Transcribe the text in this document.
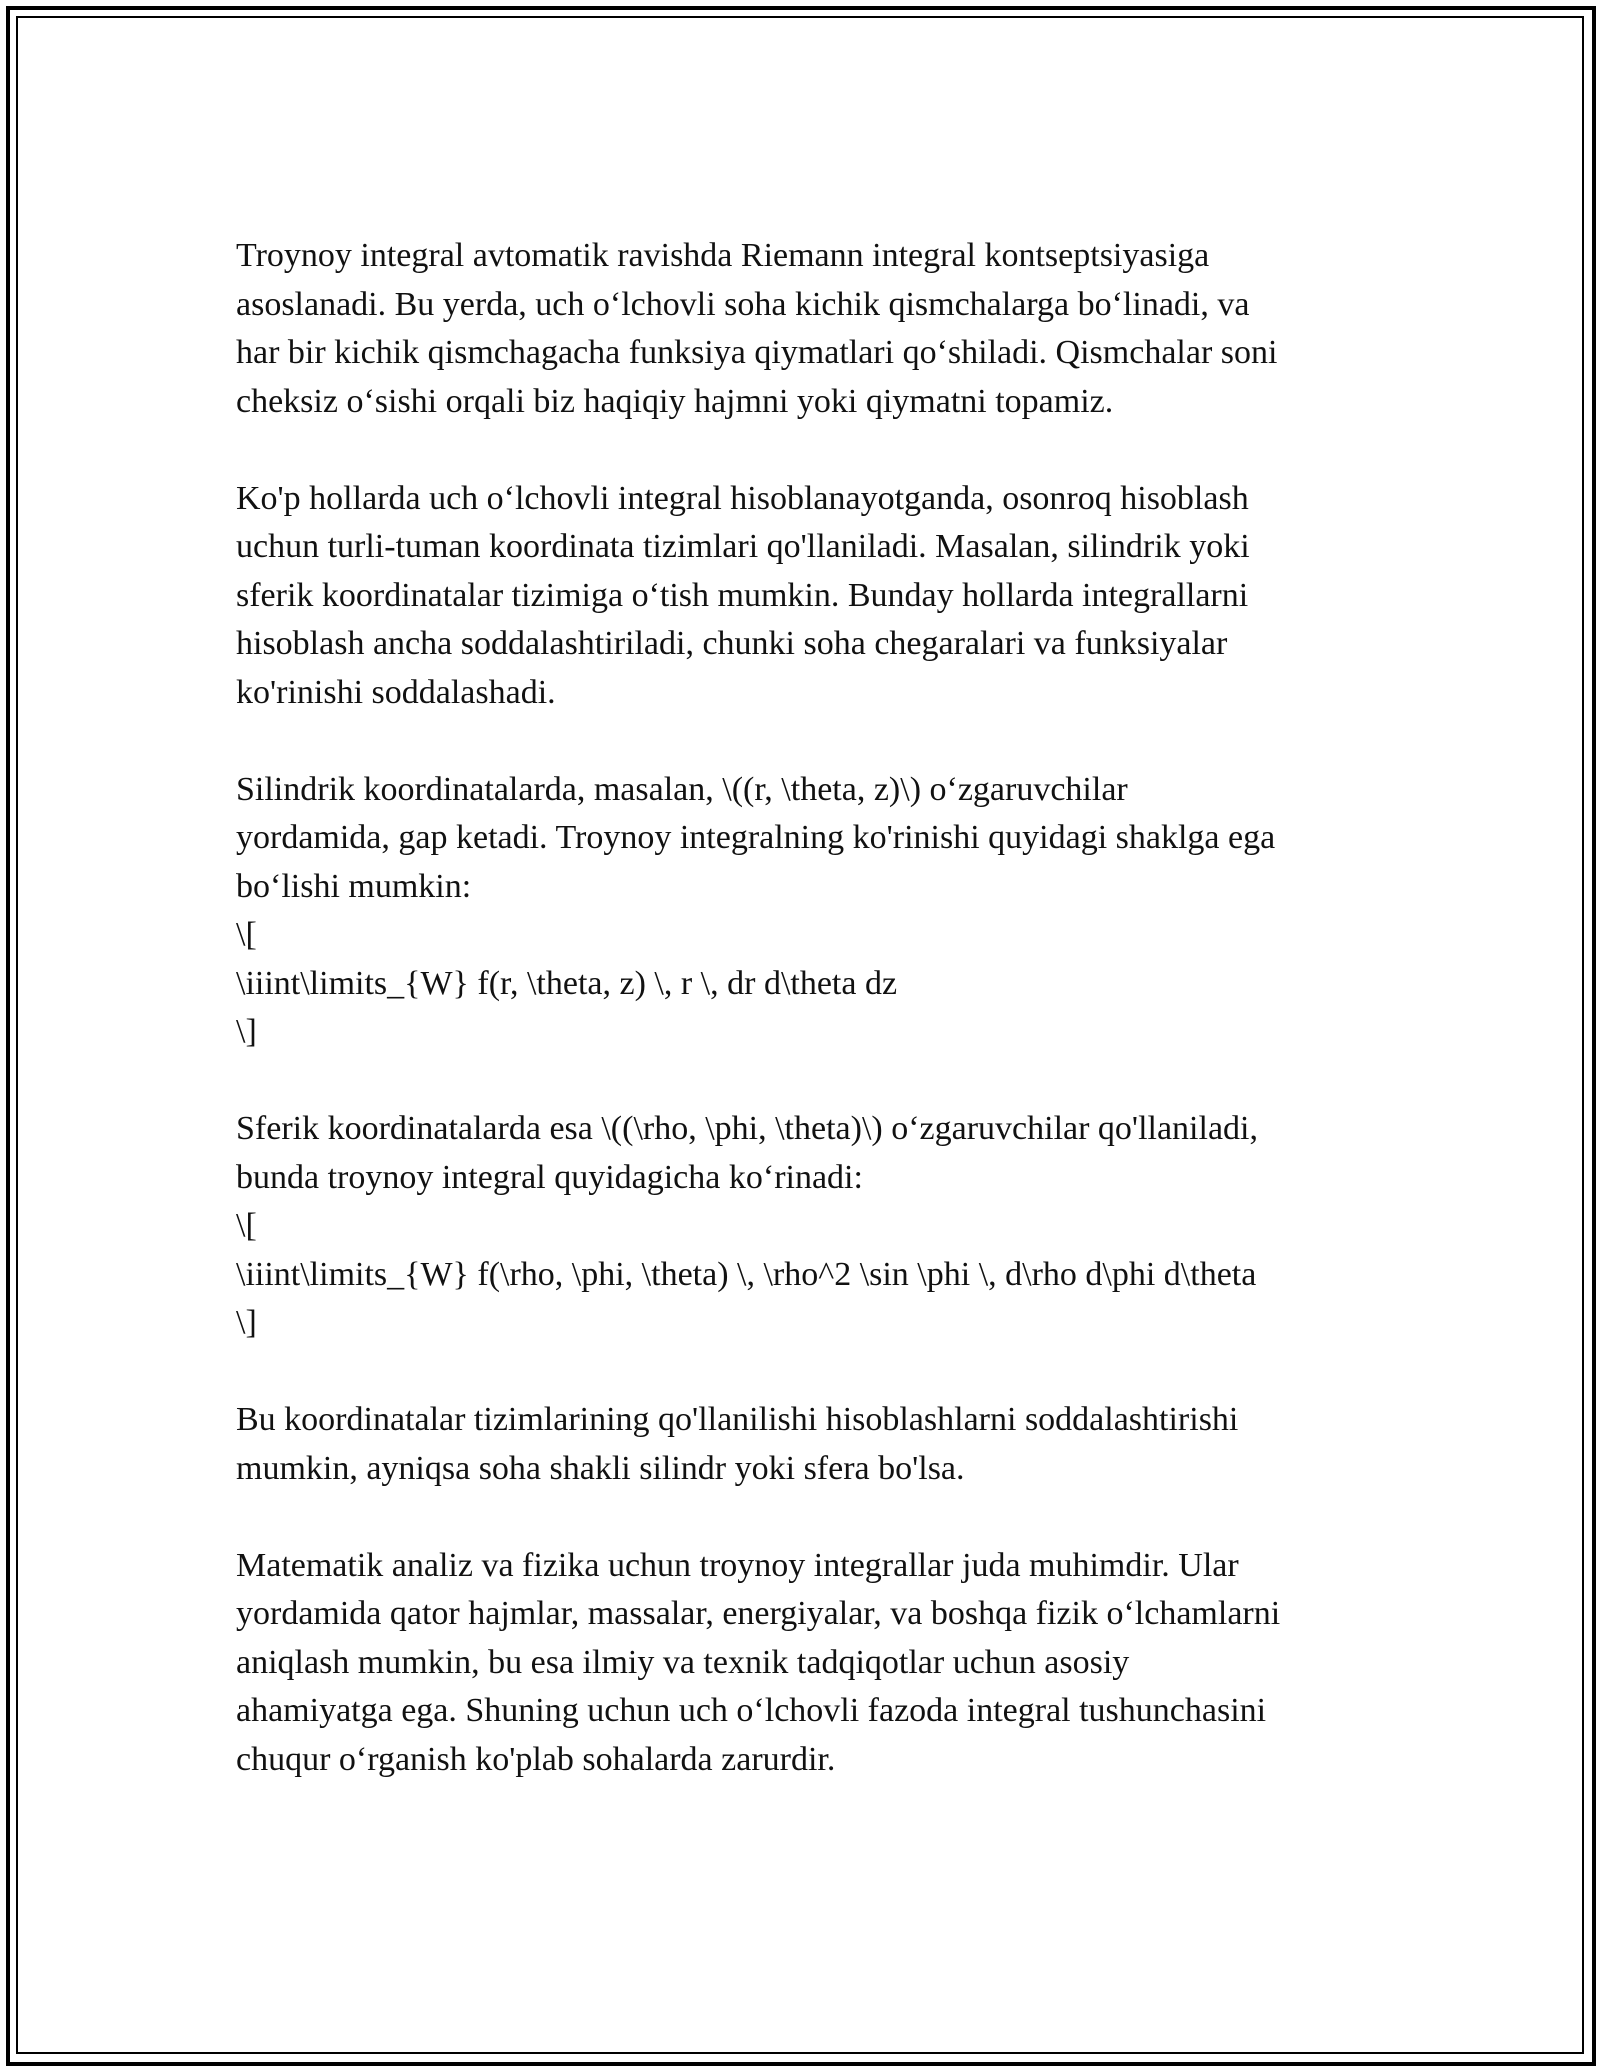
Troynoy integral avtomatik ravishda Riemann integral kontseptsiyasiga
asoslanadi. Bu yerda, uch oʻlchovli soha kichik qismchalarga boʻlinadi, va
har bir kichik qismchagacha funksiya qiymatlari qoʻshiladi. Qismchalar soni
cheksiz oʻsishi orqali biz haqiqiy hajmni yoki qiymatni topamiz.

Ko'p hollarda uch oʻlchovli integral hisoblanayotganda, osonroq hisoblash
uchun turli-tuman koordinata tizimlari qo'llaniladi. Masalan, silindrik yoki
sferik koordinatalar tizimiga oʻtish mumkin. Bunday hollarda integrallarni
hisoblash ancha soddalashtiriladi, chunki soha chegaralari va funksiyalar
ko'rinishi soddalashadi.

Silindrik koordinatalarda, masalan, \((r, \theta, z)\) oʻzgaruvchilar
yordamida, gap ketadi. Troynoy integralning ko'rinishi quyidagi shaklga ega
boʻlishi mumkin:
\[
\iiint\limits_{W} f(r, \theta, z) \, r \, dr d\theta dz
\]

Sferik koordinatalarda esa \((\rho, \phi, \theta)\) oʻzgaruvchilar qo'llaniladi,
bunda troynoy integral quyidagicha koʻrinadi:
\[
\iiint\limits_{W} f(\rho, \phi, \theta) \, \rho^2 \sin \phi \, d\rho d\phi d\theta
\]

Bu koordinatalar tizimlarining qo'llanilishi hisoblashlarni soddalashtirishi
mumkin, ayniqsa soha shakli silindr yoki sfera bo'lsa.

Matematik analiz va fizika uchun troynoy integrallar juda muhimdir. Ular
yordamida qator hajmlar, massalar, energiyalar, va boshqa fizik oʻlchamlarni
aniqlash mumkin, bu esa ilmiy va texnik tadqiqotlar uchun asosiy
ahamiyatga ega. Shuning uchun uch oʻlchovli fazoda integral tushunchasini
chuqur oʻrganish ko'plab sohalarda zarurdir.
